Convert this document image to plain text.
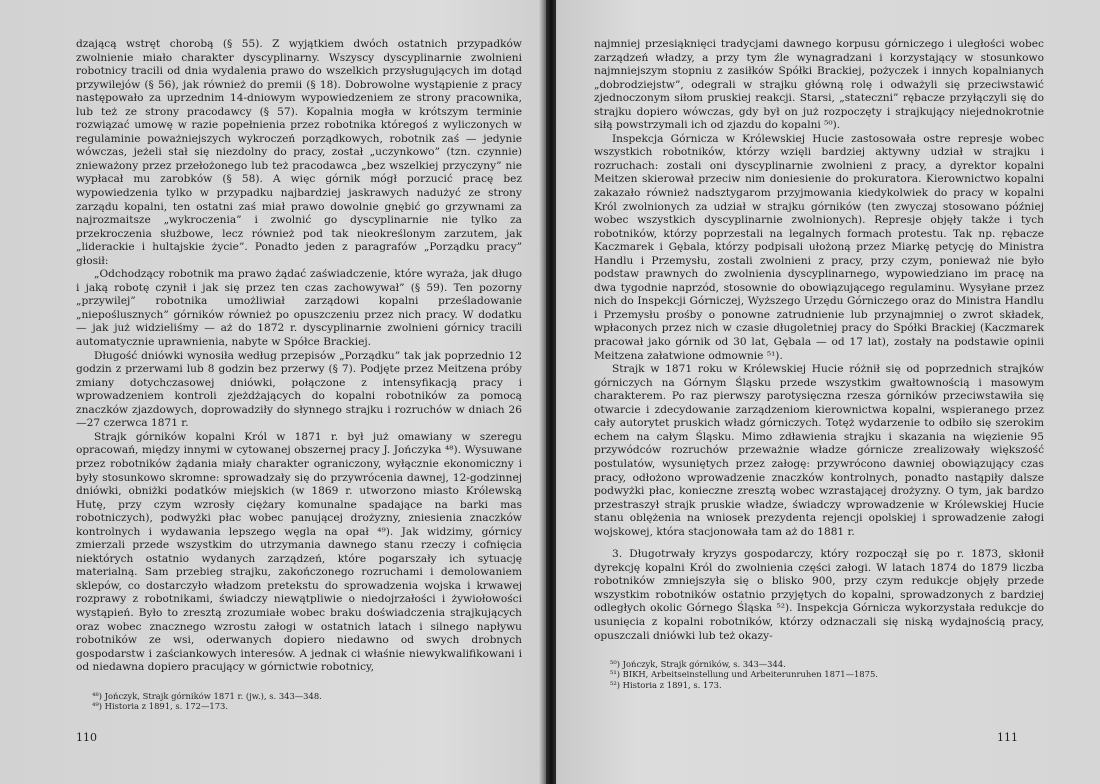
dzającą wstręt chorobą (§ 55). Z wyjątkiem dwóch ostatnich przypadków zwolnienie miało charakter dyscyplinarny. Wszyscy dyscyplinarnie zwolnieni robotnicy tracili od dnia wydalenia prawo do wszelkich przysługujących im dotąd przywilejów (§ 56), jak również do premii (§ 18). Dobrowolne wystąpienie z pracy następowało za uprzednim 14-dniowym wypowiedzeniem ze strony pracownika, lub też ze strony pracodawcy (§ 57). Kopalnia mogła w krótszym terminie rozwiązać umowę w razie popełnienia przez robotnika któregoś z wyliczonych w regulaminie poważniejszych wykroczeń porządkowych, robotnik zaś — jedynie wówczas, jeżeli stał się niezdolny do pracy, został „uczynkowo” (tzn. czynnie) znieważony przez przełożonego lub też pracodawca „bez wszelkiej przyczyny” nie wypłacał mu zarobków (§ 58). A więc górnik mógł porzucić pracę bez wypowiedzenia tylko w przypadku najbardziej jaskrawych nadużyć ze strony zarządu kopalni, ten ostatni zaś miał prawo dowolnie gnębić go grzywnami za najrozmaitsze „wykroczenia” i zwolnić go dyscyplinarnie nie tylko za przekroczenia służbowe, lecz również pod tak nieokreślonym zarzutem, jak „liderackie i hultajskie życie”. Ponadto jeden z paragrafów „Porządku pracy” głosił:

„Odchodzący robotnik ma prawo żądać zaświadczenie, które wyraża, jak długo i jaką robotę czynił i jak się przez ten czas zachowywał” (§ 59). Ten pozorny „przywilej” robotnika umożliwiał zarządowi kopalni prześladowanie „niepoślusznych” górników również po opuszczeniu przez nich pracy. W dodatku — jak już widzieliśmy — aż do 1872 r. dyscyplinarnie zwolnieni górnicy tracili automatycznie uprawnienia, nabyte w Spółce Brackiej.

Długość dniówki wynosiła według przepisów „Porządku” tak jak poprzednio 12 godzin z przerwami lub 8 godzin bez przerwy (§ 7). Podjęte przez Meitzena próby zmiany dotychczasowej dniówki, połączone z intensyfikacją pracy i wprowadzeniem kontroli zjeżdżających do kopalni robotników za pomocą znaczków zjazdowych, doprowadziły do słynnego strajku i rozruchów w dniach 26—27 czerwca 1871 r.

Strajk górników kopalni Król w 1871 r. był już omawiany w szeregu opracowań, między innymi w cytowanej obszernej pracy J. Jończyka ⁴⁸). Wysuwane przez robotników żądania miały charakter ograniczony, wyłącznie ekonomiczny i były stosunkowo skromne: sprowadzały się do przywrócenia dawnej, 12-godzinnej dniówki, obniżki podatków miejskich (w 1869 r. utworzono miasto Królewską Hutę, przy czym wzrosły ciężary komunalne spadające na barki mas robotniczych), podwyżki płac wobec panującej drożyzny, zniesienia znaczków kontrolnych i wydawania lepszego węgla na opał ⁴⁹). Jak widzimy, górnicy zmierzali przede wszystkim do utrzymania dawnego stanu rzeczy i cofnięcia niektórych ostatnio wydanych zarządzeń, które pogarszały ich sytuację materialną. Sam przebieg strajku, zakończonego rozruchami i demolowaniem sklepów, co dostarczyło władzom pretekstu do sprowadzenia wojska i krwawej rozprawy z robotnikami, świadczy niewątpliwie o niedojrzałości i żywiołowości wystąpień. Było to zresztą zrozumiałe wobec braku doświadczenia strajkujących oraz wobec znacznego wzrostu załogi w ostatnich latach i silnego napływu robotników ze wsi, oderwanych dopiero niedawno od swych drobnych gospodarstw i zaściankowych interesów. A jednak ci właśnie niewykwalifikowani i od niedawna dopiero pracujący w górnictwie robotnicy,

⁴⁸) Jończyk, Strajk górników 1871 r. (jw.), s. 343—348.
⁴⁹) Historia z 1891, s. 172—173.
110

najmniej przesiąknięci tradycjami dawnego korpusu górniczego i uległości wobec zarządzeń władzy, a przy tym źle wynagradzani i korzystający w stosunkowo najmniejszym stopniu z zasiłków Spółki Brackiej, pożyczek i innych kopalnianych „dobrodziejstw”, odegrali w strajku główną rolę i odważyli się przeciwstawić zjednoczonym siłom pruskiej reakcji. Starsi, „stateczni” rębacze przyłączyli się do strajku dopiero wówczas, gdy był on już rozpoczęty i strajkujący niejednokrotnie siłą powstrzymali ich od zjazdu do kopalni ⁵⁰).

Inspekcja Górnicza w Królewskiej Hucie zastosowała ostre represje wobec wszystkich robotników, którzy wzięli bardziej aktywny udział w strajku i rozruchach: zostali oni dyscyplinarnie zwolnieni z pracy, a dyrektor kopalni Meitzen skierował przeciw nim doniesienie do prokuratora. Kierownictwo kopalni zakazało również nadsztygarom przyjmowania kiedykolwiek do pracy w kopalni Król zwolnionych za udział w strajku górników (ten zwyczaj stosowano później wobec wszystkich dyscyplinarnie zwolnionych). Represje objęły także i tych robotników, którzy poprzestali na legalnych formach protestu. Tak np. rębacze Kaczmarek i Gębala, którzy podpisali ułożoną przez Miarkę petycję do Ministra Handlu i Przemysłu, zostali zwolnieni z pracy, przy czym, ponieważ nie było podstaw prawnych do zwolnienia dyscyplinarnego, wypowiedziano im pracę na dwa tygodnie naprzód, stosownie do obowiązującego regulaminu. Wysyłane przez nich do Inspekcji Górniczej, Wyższego Urzędu Górniczego oraz do Ministra Handlu i Przemysłu prośby o ponowne zatrudnienie lub przynajmniej o zwrot składek, wpłaconych przez nich w czasie długoletniej pracy do Spółki Brackiej (Kaczmarek pracował jako górnik od 30 lat, Gębala — od 17 lat), zostały na podstawie opinii Meitzena załatwione odmownie ⁵¹).

Strajk w 1871 roku w Królewskiej Hucie różnił się od poprzednich strajków górniczych na Górnym Śląsku przede wszystkim gwałtownością i masowym charakterem. Po raz pierwszy parotysięczna rzesza górników przeciwstawiła się otwarcie i zdecydowanie zarządzeniom kierownictwa kopalni, wspieranego przez cały autorytet pruskich władz górniczych. Totęż wydarzenie to odbiło się szerokim echem na całym Śląsku. Mimo zdławienia strajku i skazania na więzienie 95 przywódców rozruchów przeważnie władze górnicze zrealizowały większość postulatów, wysuniętych przez załogę: przywrócono dawniej obowiązujący czas pracy, odłożono wprowadzenie znaczków kontrolnych, ponadto nastąpiły dalsze podwyżki płac, konieczne zresztą wobec wzrastającej drożyzny. O tym, jak bardzo przestraszył strajk pruskie władze, świadczy wprowadzenie w Królewskiej Hucie stanu oblężenia na wniosek prezydenta rejencji opolskiej i sprowadzenie załogi wojskowej, która stacjonowała tam aż do 1881 r.

3. Długotrwały kryzys gospodarczy, który rozpoczął się po r. 1873, skłonił dyrekcję kopalni Król do zwolnienia części załogi. W latach 1874 do 1879 liczba robotników zmniejszyła się o blisko 900, przy czym redukcje objęły przede wszystkim robotników ostatnio przyjętych do kopalni, sprowadzonych z bardziej odległych okolic Górnego Śląska ⁵²). Inspekcja Górnicza wykorzystała redukcje do usunięcia z kopalni robotników, którzy odznaczali się niską wydajnością pracy, opuszczali dniówki lub też okazy-

⁵⁰) Jończyk, Strajk górników, s. 343—344.
⁵¹) BIKH, Arbeitseinstellung und Arbeiterunruhen 1871—1875.
⁵²) Historia z 1891, s. 173.
111
